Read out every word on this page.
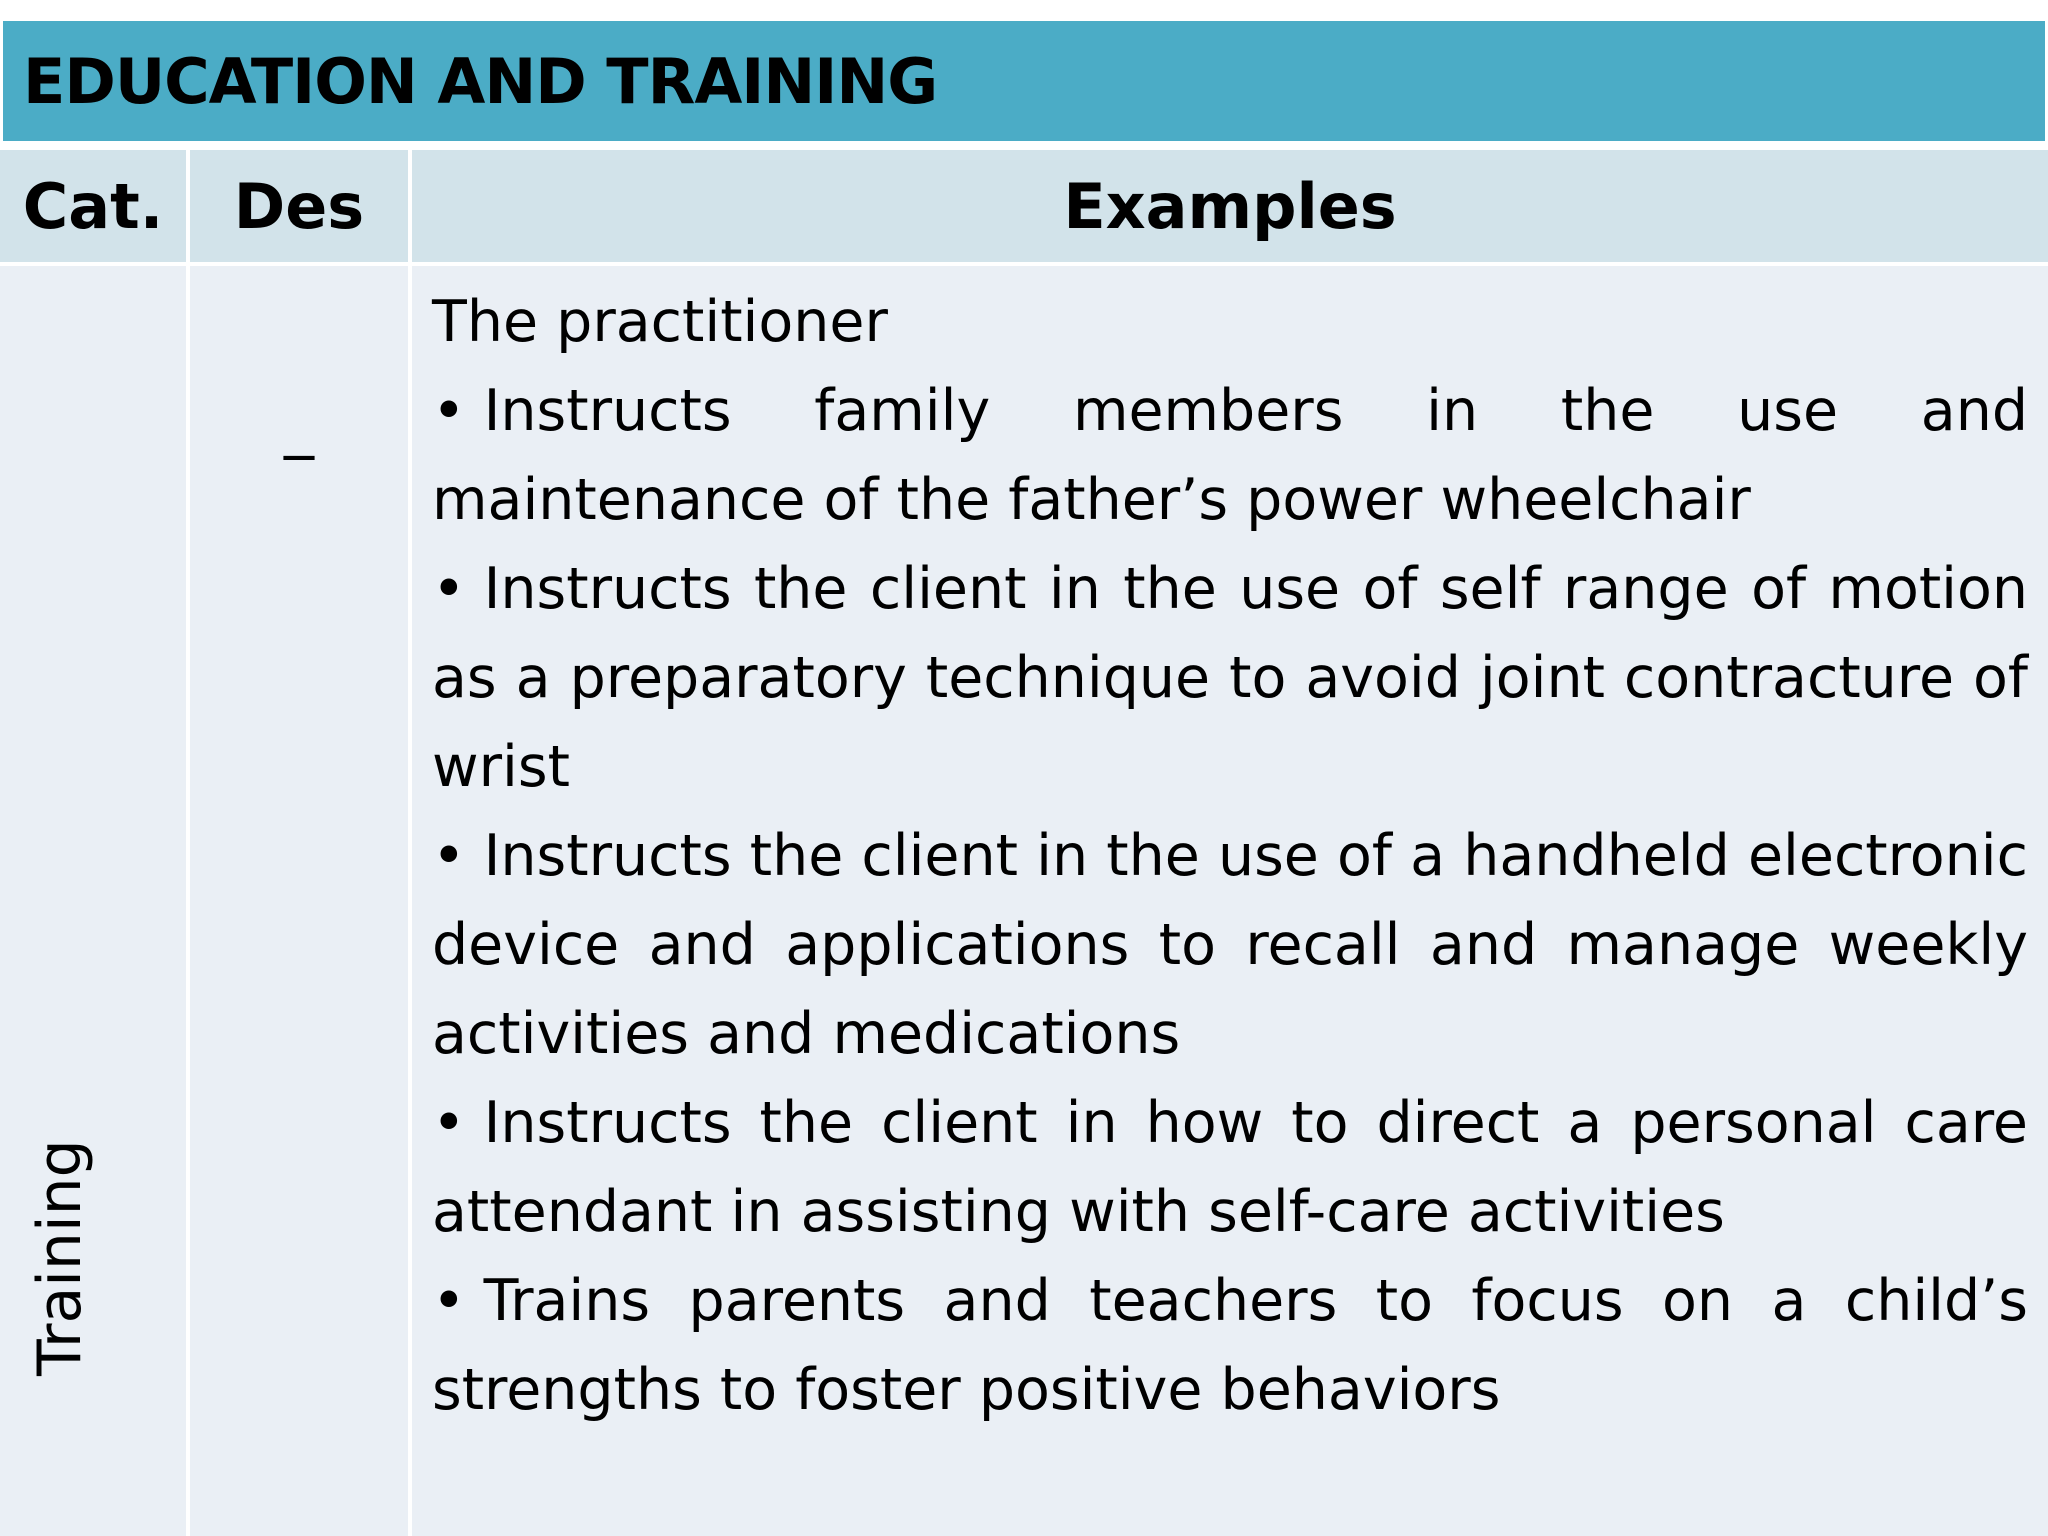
EDUCATION AND TRAINING
Cat.	Des	Examples
Training
_

The practitioner

• Instructs family members in the use and maintenance of the father’s power wheelchair

• Instructs the client in the use of self range of motion as a preparatory technique to avoid joint contracture of wrist

• Instructs the client in the use of a handheld electronic device and applications to recall and manage weekly activities and medications

• Instructs the client in how to direct a personal care attendant in assisting with self-care activities

• Trains parents and teachers to focus on a child’s strengths to foster positive behaviors
